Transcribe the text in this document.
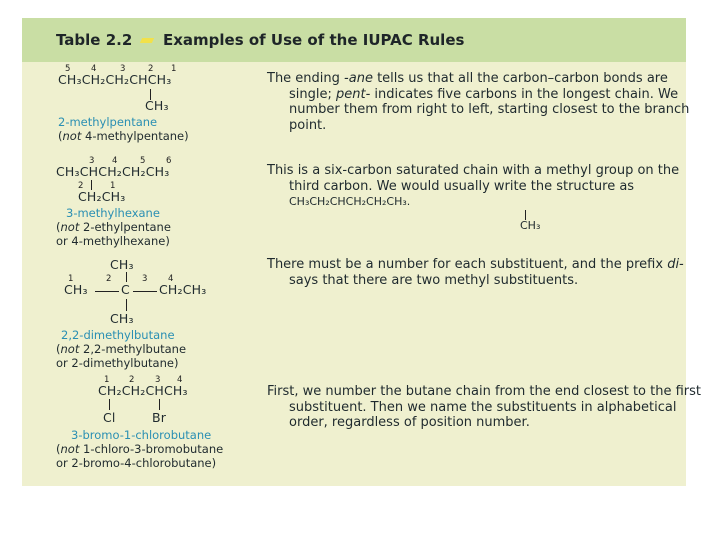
Table 2.2 Examples of Use of the IUPAC Rules
5 4	3	2 1
CH₃CH₂CH₂CHCH₃
CH₃
2-methylpentane
(not 4-methylpentane)
The ending -ane tells us that all the carbon–carbon bonds are single; pent- indicates five carbons in the longest chain. We number them from right to left, starting closest to the branch point.
3 4	5 6
CH₃CHCH₂CH₂CH₃
2	1
CH₂CH₃
3-methylhexane
(not 2-ethylpentane
or 4-methylhexane)
This is a six-carbon saturated chain with a methyl group on the third carbon. We would usually write the structure as CH₃CH₂CHCH₂CH₂CH₃.
CH₃
CH₃
1	2	3 4
CH₃	C CH₂CH₃
CH₃
2,2-dimethylbutane
(not 2,2-methylbutane
or 2-dimethylbutane)
There must be a number for each substituent, and the prefix di- says that there are two methyl substituents.
1 2 3 4
CH₂CH₂CHCH₃
Cl	Br
3-bromo-1-chlorobutane
(not 1-chloro-3-bromobutane
or 2-bromo-4-chlorobutane)
First, we number the butane chain from the end closest to the first substituent. Then we name the substituents in alphabetical order, regardless of position number.
